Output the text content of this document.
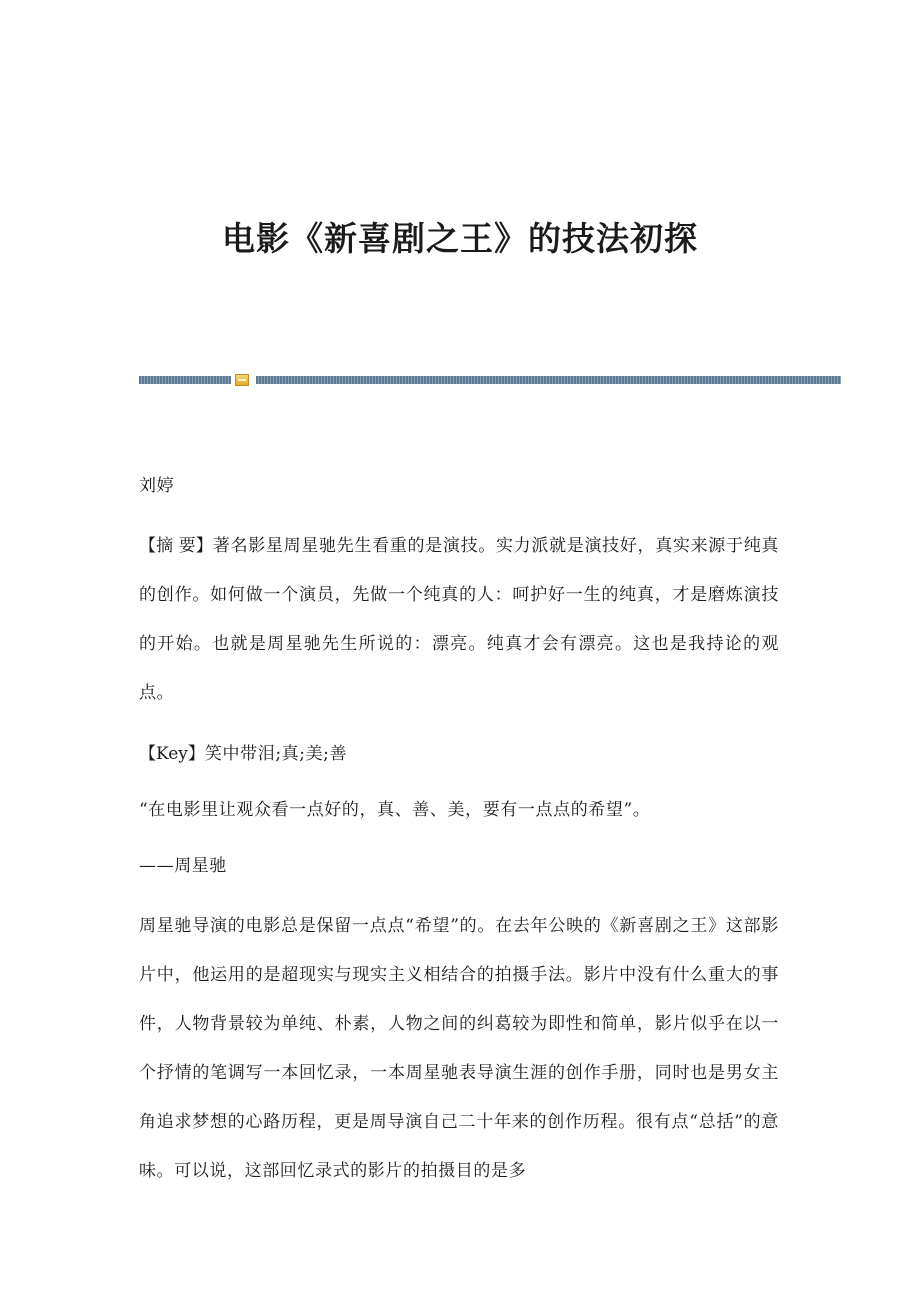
电影《新喜剧之王》的技法初探
刘婷
【摘 要】著名影星周星驰先生看重的是演技。实力派就是演技好，真实来源于纯真的创作。如何做一个演员，先做一个纯真的人：呵护好一生的纯真，才是磨炼演技的开始。也就是周星驰先生所说的：漂亮。纯真才会有漂亮。这也是我持论的观点。
【Key】笑中带泪;真;美;善
“在电影里让观众看一点好的，真、善、美，要有一点点的希望”。
——周星驰
周星驰导演的电影总是保留一点点“希望”的。在去年公映的《新喜剧之王》这部影片中，他运用的是超现实与现实主义相结合的拍摄手法。影片中没有什么重大的事件，人物背景较为单纯、朴素，人物之间的纠葛较为即性和简单，影片似乎在以一个抒情的笔调写一本回忆录，一本周星驰表导演生涯的创作手册，同时也是男女主角追求梦想的心路历程，更是周导演自己二十年来的创作历程。很有点“总括”的意味。可以说，这部回忆录式的影片的拍摄目的是多
